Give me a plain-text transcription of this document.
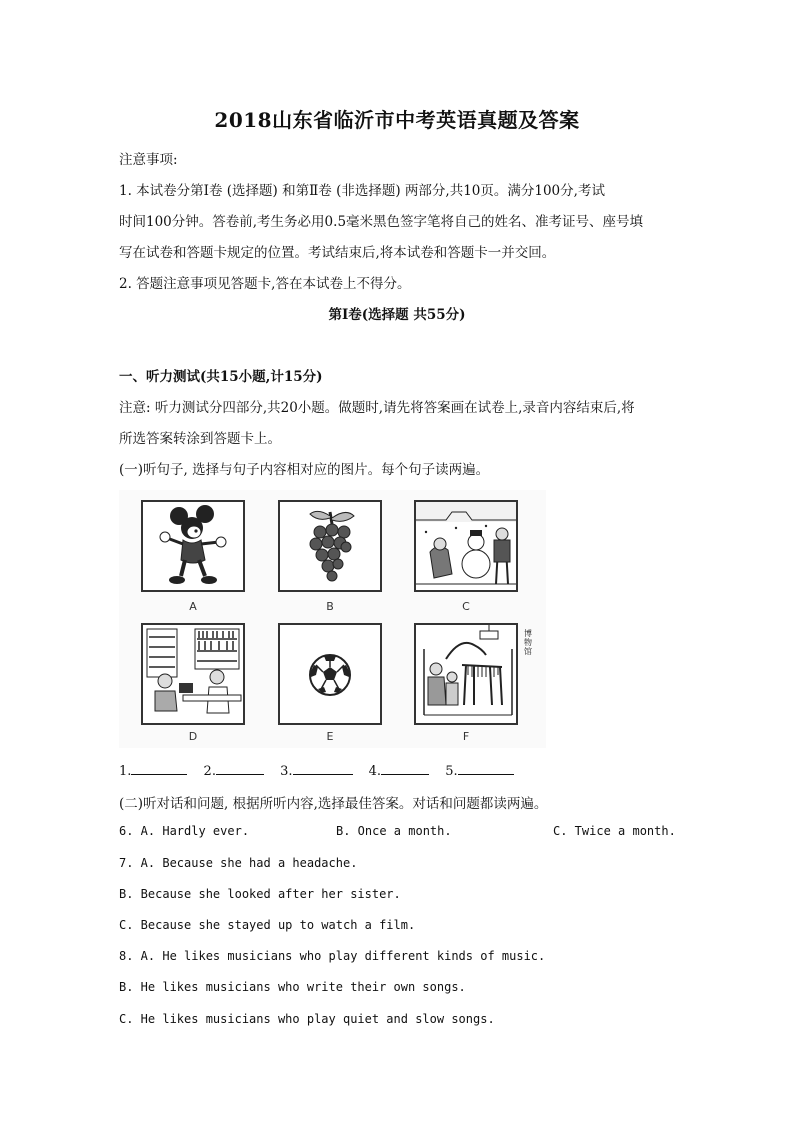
2018山东省临沂市中考英语真题及答案
注意事项:
1. 本试卷分第Ⅰ卷 (选择题) 和第Ⅱ卷 (非选择题) 两部分,共10页。满分100分,考试
时间100分钟。答卷前,考生务必用0.5毫米黑色签字笔将自己的姓名、准考证号、座号填
写在试卷和答题卡规定的位置。考试结束后,将本试卷和答题卡一并交回。
2. 答题注意事项见答题卡,答在本试卷上不得分。
第Ⅰ卷(选择题 共55分)
一、听力测试(共15小题,计15分)
注意: 听力测试分四部分,共20小题。做题时,请先将答案画在试卷上,录音内容结束后,将
所选答案转涂到答题卡上。
(一)听句子, 选择与句子内容相对应的图片。每个句子读两遍。
A	B	C
D	E
博物馆
F
1.	2.	3.	4.	5.
(二)听对话和问题, 根据所听内容,选择最佳答案。对话和问题都读两遍。
6. A. Hardly ever.	B. Once a month.	C. Twice a month.
7. A. Because she had a headache.
B. Because she looked after her sister.
C. Because she stayed up to watch a film.
8. A. He likes musicians who play different kinds of music.
B. He likes musicians who write their own songs.
C. He likes musicians who play quiet and slow songs.
